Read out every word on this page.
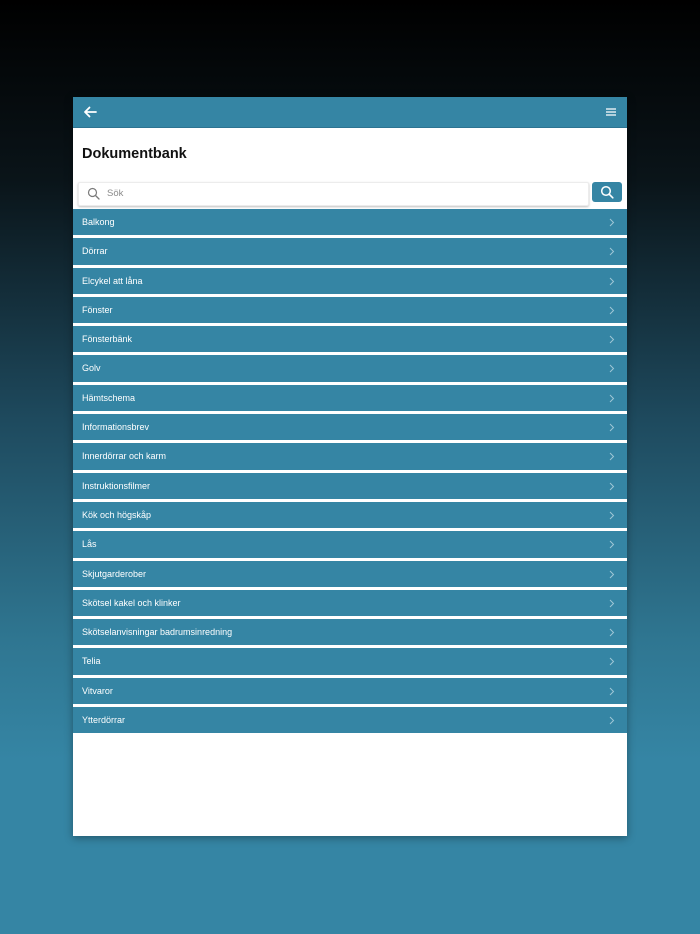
Dokumentbank
Sök
Balkong
Dörrar
Elcykel att låna
Fönster
Fönsterbänk
Golv
Hämtschema
Informationsbrev
Innerdörrar och karm
Instruktionsfilmer
Kök och högskåp
Lås
Skjutgarderober
Skötsel kakel och klinker
Skötselanvisningar badrumsinredning
Telia
Vitvaror
Ytterdörrar
